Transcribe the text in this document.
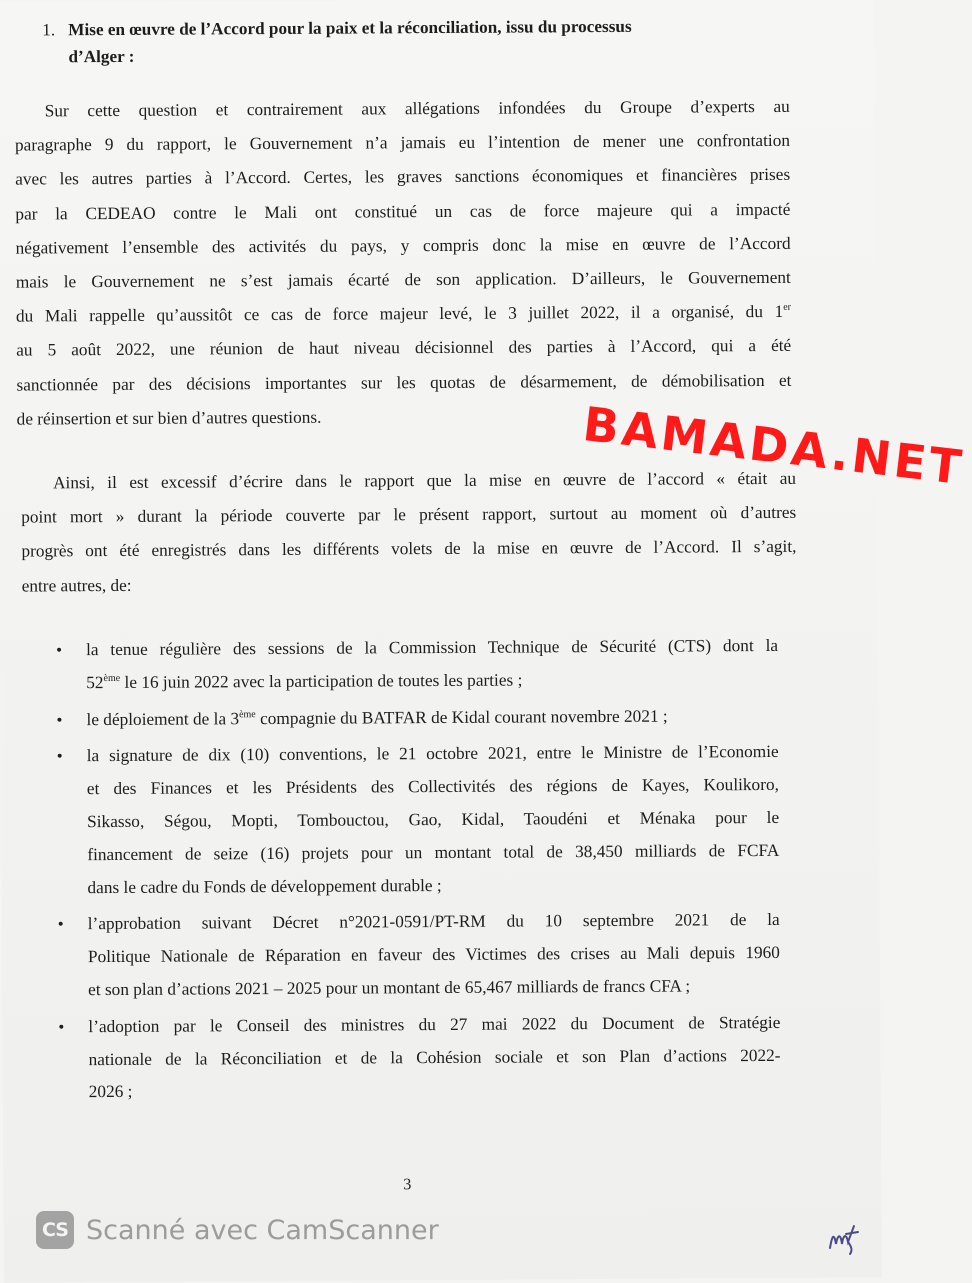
1. Mise en œuvre de l’Accord pour la paix et la réconciliation, issu du processus
d’Alger :
Sur cette question et contrairement aux allégations infondées du Groupe d’experts au
paragraphe 9 du rapport, le Gouvernement n’a jamais eu l’intention de mener une confrontation
avec les autres parties à l’Accord. Certes, les graves sanctions économiques et financières prises
par la CEDEAO contre le Mali ont constitué un cas de force majeure qui a impacté
négativement l’ensemble des activités du pays, y compris donc la mise en œuvre de l’Accord
mais le Gouvernement ne s’est jamais écarté de son application. D’ailleurs, le Gouvernement
du Mali rappelle qu’aussitôt ce cas de force majeur levé, le 3 juillet 2022, il a organisé, du 1er
au 5 août 2022, une réunion de haut niveau décisionnel des parties à l’Accord, qui a été
sanctionnée par des décisions importantes sur les quotas de désarmement, de démobilisation et
de réinsertion et sur bien d’autres questions.	BAMADA.NET
Ainsi, il est excessif d’écrire dans le rapport que la mise en œuvre de l’accord « était au
point mort » durant la période couverte par le présent rapport, surtout au moment où d’autres
progrès ont été enregistrés dans les différents volets de la mise en œuvre de l’Accord. Il s’agit,
entre autres, de:
•	la tenue régulière des sessions de la Commission Technique de Sécurité (CTS) dont la
52ème le 16 juin 2022 avec la participation de toutes les parties ;
•	le déploiement de la 3ème compagnie du BATFAR de Kidal courant novembre 2021 ;
•	la signature de dix (10) conventions, le 21 octobre 2021, entre le Ministre de l’Economie
et des Finances et les Présidents des Collectivités des régions de Kayes, Koulikoro,
Sikasso, Ségou, Mopti, Tombouctou, Gao, Kidal, Taoudéni et Ménaka pour le
financement de seize (16) projets pour un montant total de 38,450 milliards de FCFA
dans le cadre du Fonds de développement durable ;
•	l’approbation suivant Décret n°2021-0591/PT-RM du 10 septembre 2021 de la
Politique Nationale de Réparation en faveur des Victimes des crises au Mali depuis 1960
et son plan d’actions 2021 – 2025 pour un montant de 65,467 milliards de francs CFA ;
•	l’adoption par le Conseil des ministres du 27 mai 2022 du Document de Stratégie
nationale de la Réconciliation et de la Cohésion sociale et son Plan d’actions 2022-
2026 ;
3
CS Scanné avec CamScanner
